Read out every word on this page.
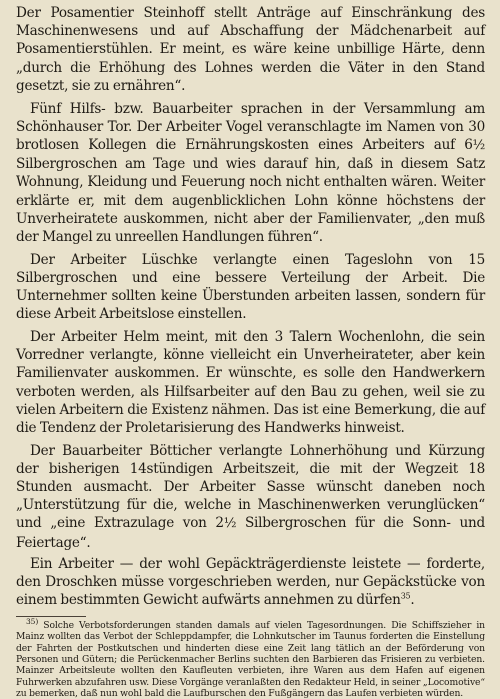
Der Posamentier Steinhoff stellt Anträge auf Einschränkung des Maschinenwesens und auf Abschaffung der Mädchenarbeit auf Posamentierstühlen. Er meint, es wäre keine unbillige Härte, denn „durch die Erhöhung des Lohnes werden die Väter in den Stand gesetzt, sie zu ernähren“.

Fünf Hilfs- bzw. Bauarbeiter sprachen in der Versammlung am Schönhauser Tor. Der Arbeiter Vogel veranschlagte im Namen von 30 brotlosen Kollegen die Ernährungskosten eines Arbeiters auf 6½ Silbergroschen am Tage und wies darauf hin, daß in diesem Satz Wohnung, Kleidung und Feuerung noch nicht enthalten wären. Weiter erklärte er, mit dem augenblicklichen Lohn könne höchstens der Unverheiratete auskommen, nicht aber der Familienvater, „den muß der Mangel zu unreellen Handlungen führen“.

Der Arbeiter Lüschke verlangte einen Tageslohn von 15 Silbergroschen und eine bessere Verteilung der Arbeit. Die Unternehmer sollten keine Überstunden arbeiten lassen, sondern für diese Arbeit Arbeitslose einstellen.

Der Arbeiter Helm meint, mit den 3 Talern Wochenlohn, die sein Vorredner verlangte, könne vielleicht ein Unverheirateter, aber kein Familienvater auskommen. Er wünschte, es solle den Handwerkern verboten werden, als Hilfsarbeiter auf den Bau zu gehen, weil sie zu vielen Arbeitern die Existenz nähmen. Das ist eine Bemerkung, die auf die Tendenz der Proletarisierung des Handwerks hinweist.

Der Bauarbeiter Bötticher verlangte Lohnerhöhung und Kürzung der bisherigen 14stündigen Arbeitszeit, die mit der Wegzeit 18 Stunden ausmacht. Der Arbeiter Sasse wünscht daneben noch „Unterstützung für die, welche in Maschinenwerken verunglücken“ und „eine Extrazulage von 2½ Silbergroschen für die Sonn- und Feiertage“.

Ein Arbeiter — der wohl Gepäckträgerdienste leistete — forderte, den Droschken müsse vorgeschrieben werden, nur Gepäckstücke von einem bestimmten Gewicht aufwärts annehmen zu dürfen$^{35}$.

$^{35)}$ Solche Verbotsforderungen standen damals auf vielen Tagesordnungen. Die Schiffszieher in Mainz wollten das Verbot der Schleppdampfer, die Lohnkutscher im Taunus forderten die Einstellung der Fahrten der Postkutschen und hinderten diese eine Zeit lang tätlich an der Beförderung von Personen und Gütern; die Perückenmacher Berlins suchten den Barbieren das Frisieren zu verbieten. Mainzer Arbeitsleute wollten den Kaufleuten verbieten, ihre Waren aus dem Hafen auf eigenen Fuhrwerken abzufahren usw. Diese Vorgänge veranlaßten den Redakteur Held, in seiner „Locomotive“ zu bemerken, daß nun wohl bald die Laufburschen den Fußgängern das Laufen verbieten würden.
